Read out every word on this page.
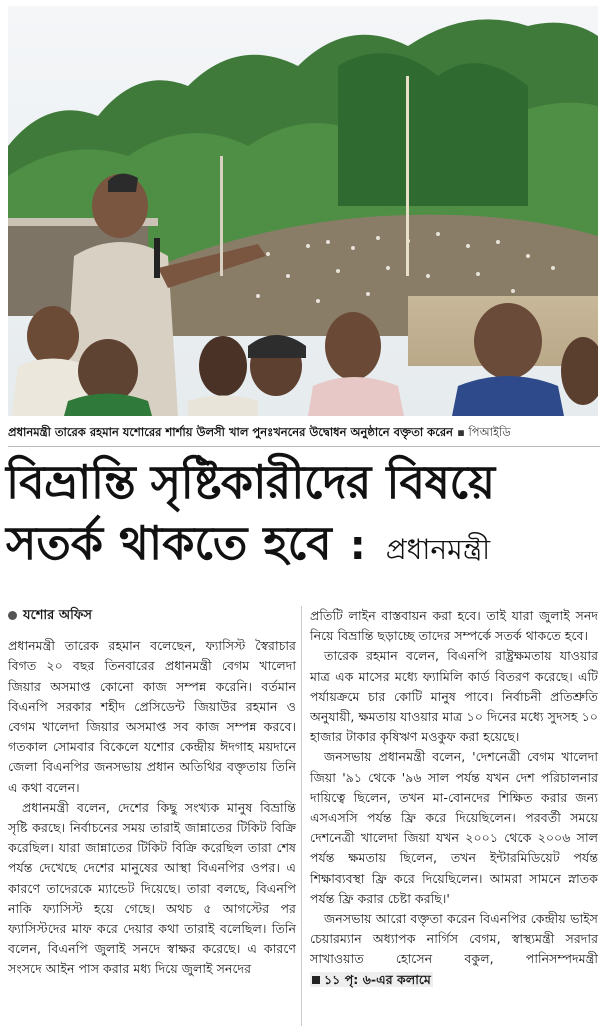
প্রধানমন্ত্রী তারেক রহমান যশোরের শার্শায় উলসী খাল পুনঃখননের উদ্বোধন অনুষ্ঠানে বক্তৃতা করেন ▪ পিআইডি
বিভ্রান্তি সৃষ্টিকারীদের বিষয়ে
সতর্ক থাকতে হবে : প্রধানমন্ত্রী
যশোর অফিস

প্রধানমন্ত্রী তারেক রহমান বলেছেন, ফ্যাসিস্ট স্বৈরাচার বিগত ২০ বছর তিনবারের প্রধানমন্ত্রী বেগম খালেদা জিয়ার অসমাপ্ত কোনো কাজ সম্পন্ন করেনি। বর্তমান বিএনপি সরকার শহীদ প্রেসিডেন্ট জিয়াউর রহমান ও বেগম খালেদা জিয়ার অসমাপ্ত সব কাজ সম্পন্ন করবে। গতকাল সোমবার বিকেলে যশোর কেন্দ্রীয় ঈদগাহ ময়দানে জেলা বিএনপির জনসভায় প্রধান অতিথির বক্তৃতায় তিনি এ কথা বলেন।

প্রধানমন্ত্রী বলেন, দেশের কিছু সংখ্যক মানুষ বিভ্রান্তি সৃষ্টি করছে। নির্বাচনের সময় তারাই জান্নাতের টিকিট বিক্রি করেছিল। যারা জান্নাতের টিকিট বিক্রি করেছিল তারা শেষ পর্যন্ত দেখেছে দেশের মানুষের আস্থা বিএনপির ওপর। এ কারণে তাদেরকে ম্যান্ডেট দিয়েছে। তারা বলছে, বিএনপি নাকি ফ্যাসিস্ট হয়ে গেছে। অথচ ৫ আগস্টের পর ফ্যাসিস্টদের মাফ করে দেয়ার কথা তারাই বলেছিল। তিনি বলেন, বিএনপি জুলাই সনদে স্বাক্ষর করেছে। এ কারণে সংসদে আইন পাস করার মধ্য দিয়ে জুলাই সনদের

প্রতিটি লাইন বাস্তবায়ন করা হবে। তাই যারা জুলাই সনদ নিয়ে বিভ্রান্তি ছড়াচ্ছে তাদের সম্পর্কে সতর্ক থাকতে হবে।

তারেক রহমান বলেন, বিএনপি রাষ্ট্রক্ষমতায় যাওয়ার মাত্র এক মাসের মধ্যে ফ্যামিলি কার্ড বিতরণ করেছে। এটি পর্যায়ক্রমে চার কোটি মানুষ পাবে। নির্বাচনী প্রতিশ্রুতি অনুযায়ী, ক্ষমতায় যাওয়ার মাত্র ১০ দিনের মধ্যে সুদসহ ১০ হাজার টাকার কৃষিঋণ মওকুফ করা হয়েছে।

জনসভায় প্রধানমন্ত্রী বলেন, 'দেশনেত্রী বেগম খালেদা জিয়া '৯১ থেকে '৯৬ সাল পর্যন্ত যখন দেশ পরিচালনার দায়িত্বে ছিলেন, তখন মা-বোনদের শিক্ষিত করার জন্য এসএসসি পর্যন্ত ফ্রি করে দিয়েছিলেন। পরবর্তী সময়ে দেশনেত্রী খালেদা জিয়া যখন ২০০১ থেকে ২০০৬ সাল পর্যন্ত ক্ষমতায় ছিলেন, তখন ইন্টারমিডিয়েট পর্যন্ত শিক্ষাব্যবস্থা ফ্রি করে দিয়েছিলেন। আমরা সামনে স্নাতক পর্যন্ত ফ্রি করার চেষ্টা করছি।'

জনসভায় আরো বক্তৃতা করেন বিএনপির কেন্দ্রীয় ভাইস চেয়ারম্যান অধ্যাপক নার্গিস বেগম, স্বাস্থ্যমন্ত্রী সরদার সাখাওয়াত হোসেন বকুল, পানিসম্পদমন্ত্রী ১১ পৃ: ৬-এর কলামে
